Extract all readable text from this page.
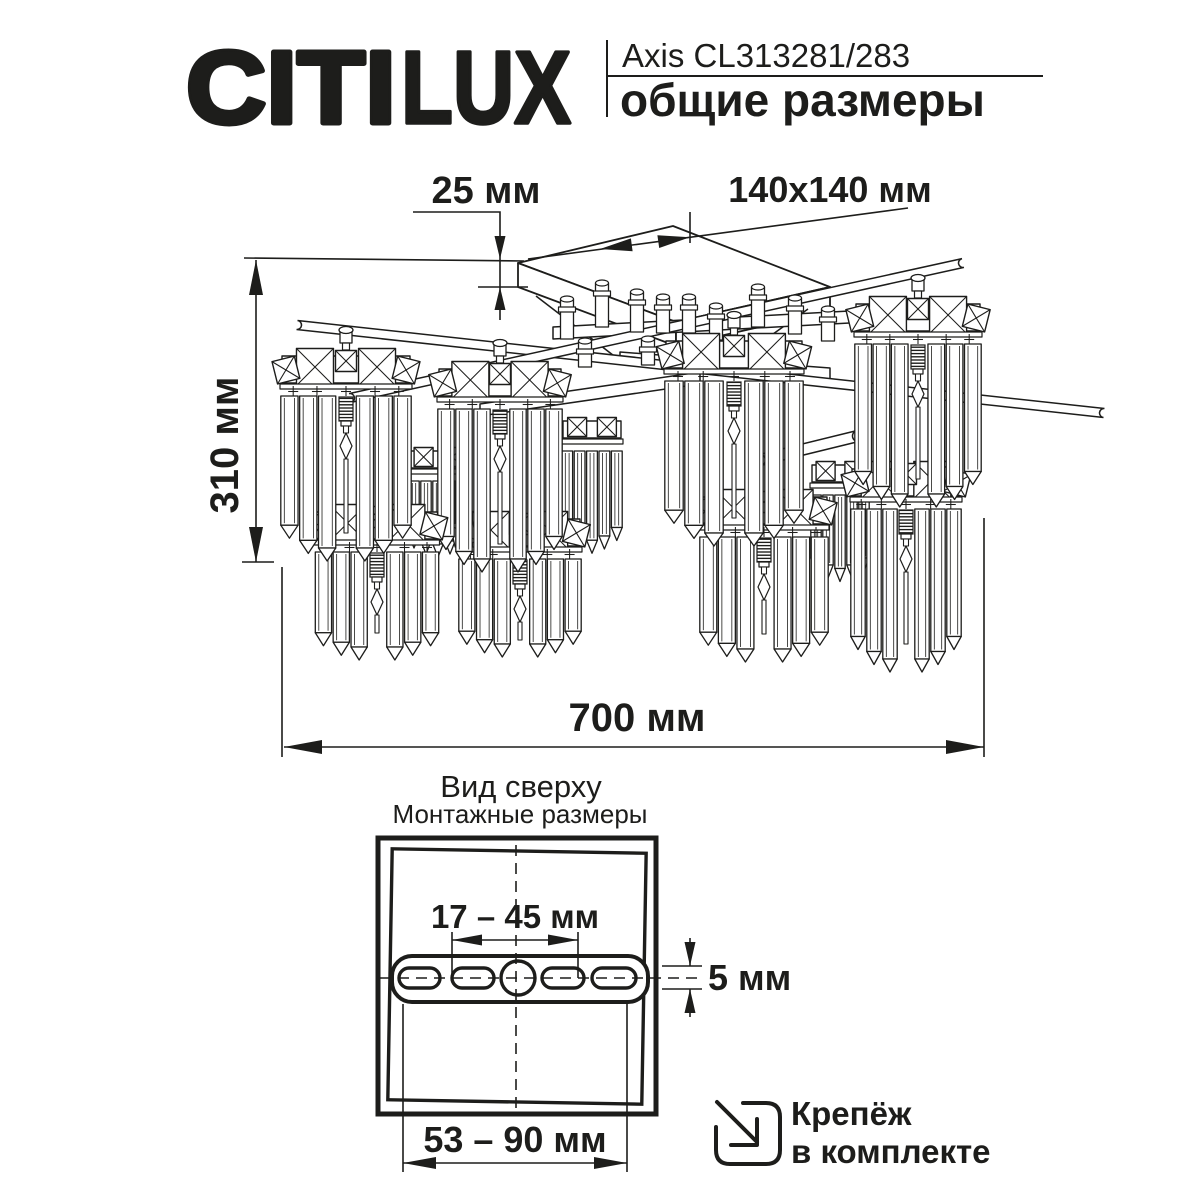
CITI LUX Axis CL313281/283
общие размеры
25 мм	140x140 мм
310 мм
700 мм
Вид сверху
Монтажные размеры
17 – 45 мм
5 мм
53 – 90 мм
Крепёж
в комплекте
